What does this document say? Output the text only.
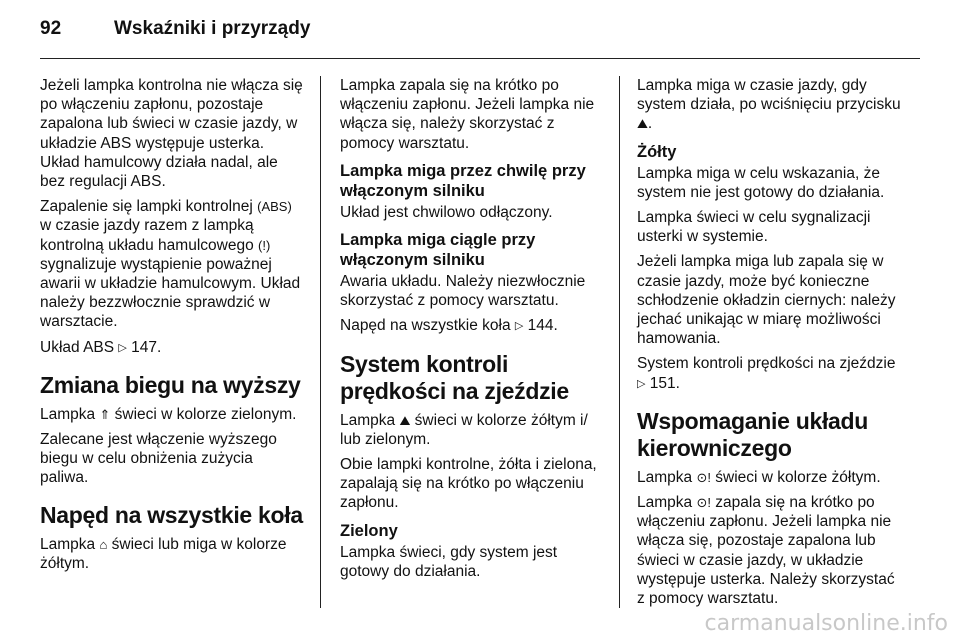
92	Wskaźniki i przyrządy

Jeżeli lampka kontrolna nie włącza się po włączeniu zapłonu, pozostaje zapalona lub świeci w czasie jazdy, w układzie ABS występuje usterka. Układ hamulcowy działa nadal, ale bez regulacji ABS.

Zapalenie się lampki kontrolnej (ABS) w czasie jazdy razem z lampką kontrolną układu hamulcowego (!) sygnalizuje wystąpienie poważnej awarii w układzie hamulcowym. Układ należy bezzwłocznie sprawdzić w warsztacie.

Układ ABS ▷ 147.

Zmiana biegu na wyższy

Lampka ⇑ świeci w kolorze zielonym.

Zalecane jest włączenie wyższego biegu w celu obniżenia zużycia paliwa.

Napęd na wszystkie koła

Lampka ⌂ świeci lub miga w kolorze żółtym.

Lampka zapala się na krótko po włączeniu zapłonu. Jeżeli lampka nie włącza się, należy skorzystać z pomocy warsztatu.

Lampka miga przez chwilę przy włączonym silniku

Układ jest chwilowo odłączony.

Lampka miga ciągle przy włączonym silniku

Awaria układu. Należy niezwłocznie skorzystać z pomocy warsztatu.

Napęd na wszystkie koła ▷ 144.

System kontroli prędkości na zjeździe

Lampka ⛰ świeci w kolorze żółtym i/ lub zielonym.

Obie lampki kontrolne, żółta i zielona, zapalają się na krótko po włączeniu zapłonu.

Zielony

Lampka świeci, gdy system jest gotowy do działania.

Lampka miga w czasie jazdy, gdy system działa, po wciśnięciu przycisku ⛰.

Żółty

Lampka miga w celu wskazania, że system nie jest gotowy do działania.

Lampka świeci w celu sygnalizacji usterki w systemie.

Jeżeli lampka miga lub zapala się w czasie jazdy, może być konieczne schłodzenie okładzin ciernych: należy jechać unikając w miarę możliwości hamowania.

System kontroli prędkości na zjeździe ▷ 151.

Wspomaganie układu kierowniczego

Lampka ⊙! świeci w kolorze żółtym.

Lampka ⊙! zapala się na krótko po włączeniu zapłonu. Jeżeli lampka nie włącza się, pozostaje zapalona lub świeci w czasie jazdy, w układzie występuje usterka. Należy skorzystać z pomocy warsztatu.

carmanualsonline.info
